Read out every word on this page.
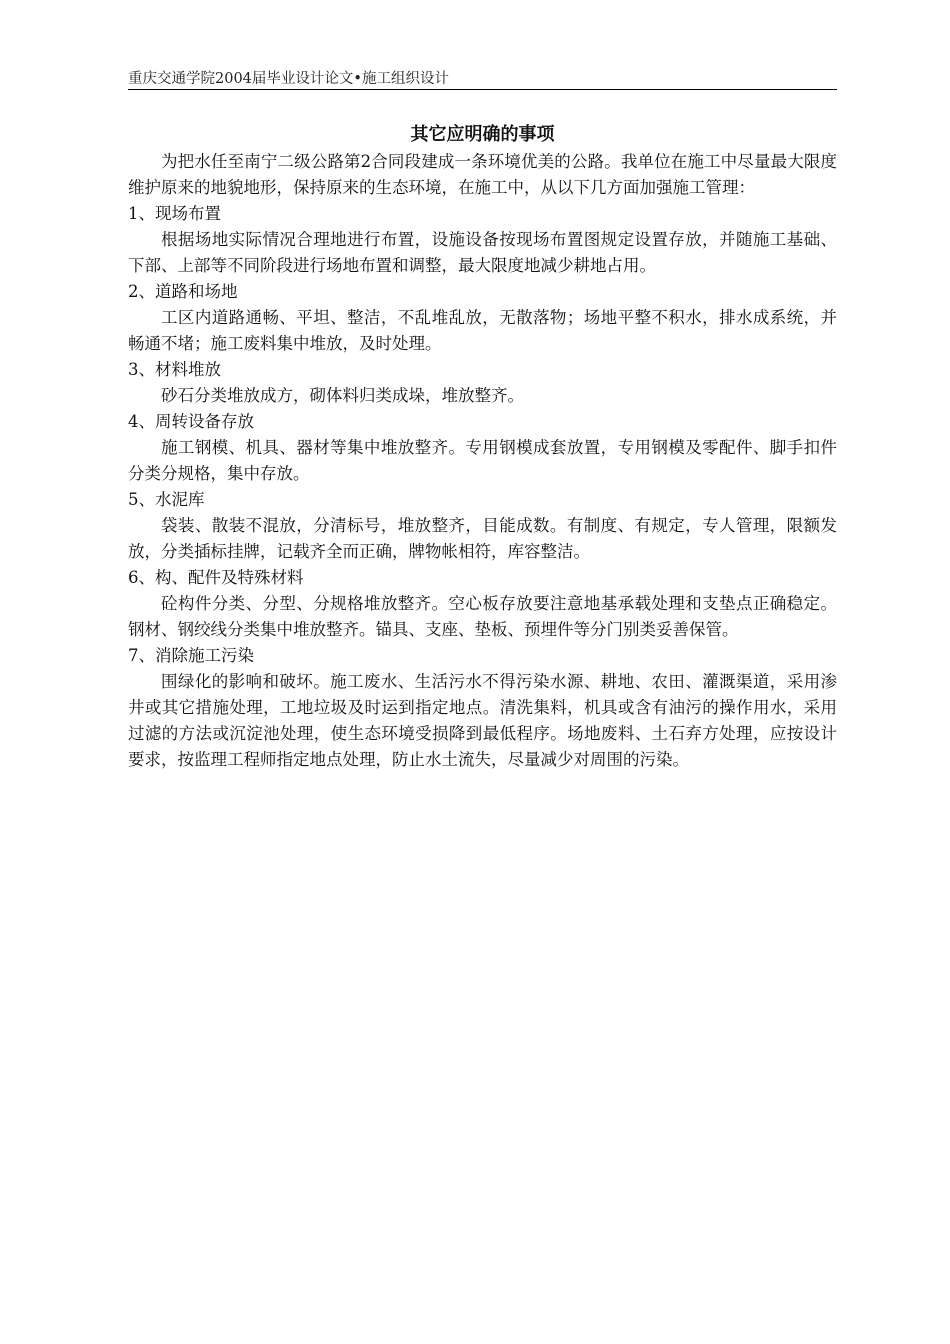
重庆交通学院2004届毕业设计论文•施工组织设计
其它应明确的事项

为把水任至南宁二级公路第2合同段建成一条环境优美的公路。我单位在施工中尽量最大限度维护原来的地貌地形，保持原来的生态环境，在施工中，从以下几方面加强施工管理：

1、现场布置

根据场地实际情况合理地进行布置，设施设备按现场布置图规定设置存放，并随施工基础、下部、上部等不同阶段进行场地布置和调整，最大限度地减少耕地占用。

2、道路和场地

工区内道路通畅、平坦、整洁，不乱堆乱放，无散落物；场地平整不积水，排水成系统，并畅通不堵；施工废料集中堆放，及时处理。

3、材料堆放

砂石分类堆放成方，砌体料归类成垛，堆放整齐。

4、周转设备存放

施工钢模、机具、器材等集中堆放整齐。专用钢模成套放置，专用钢模及零配件、脚手扣件分类分规格，集中存放。

5、水泥库

袋装、散装不混放，分清标号，堆放整齐，目能成数。有制度、有规定，专人管理，限额发放，分类插标挂牌，记载齐全而正确，牌物帐相符，库容整洁。

6、构、配件及特殊材料

砼构件分类、分型、分规格堆放整齐。空心板存放要注意地基承载处理和支垫点正确稳定。钢材、钢绞线分类集中堆放整齐。锚具、支座、垫板、预埋件等分门别类妥善保管。

7、消除施工污染

围绿化的影响和破坏。施工废水、生活污水不得污染水源、耕地、农田、灌溉渠道，采用渗井或其它措施处理，工地垃圾及时运到指定地点。清洗集料，机具或含有油污的操作用水，采用过滤的方法或沉淀池处理，使生态环境受损降到最低程序。场地废料、土石弃方处理，应按设计要求，按监理工程师指定地点处理，防止水土流失，尽量减少对周围的污染。
